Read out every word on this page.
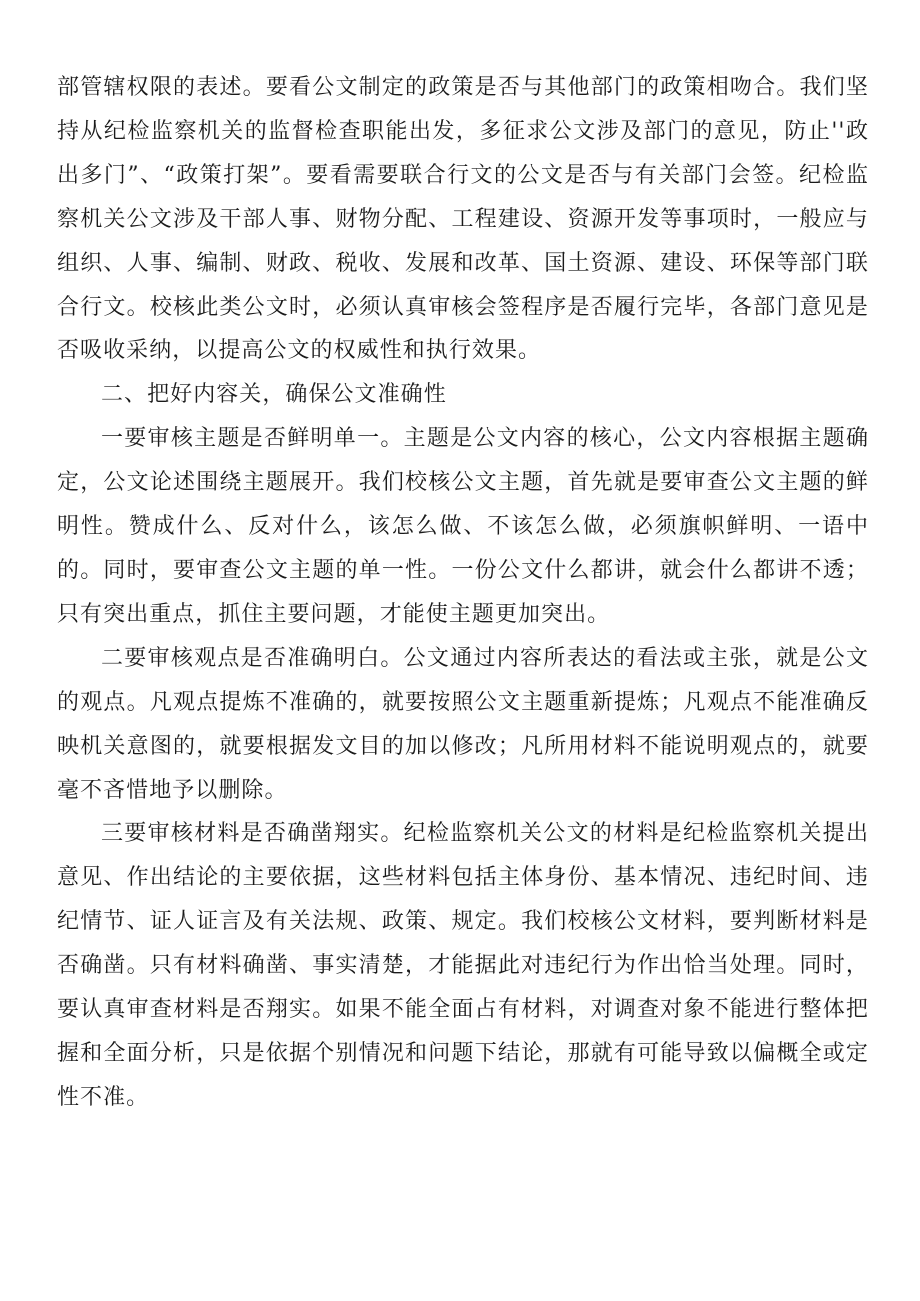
部管辖权限的表述。要看公文制定的政策是否与其他部门的政策相吻合。我们坚持从纪检监察机关的监督检查职能出发，多征求公文涉及部门的意见，防止''政出多门”、“政策打架”。要看需要联合行文的公文是否与有关部门会签。纪检监察机关公文涉及干部人事、财物分配、工程建设、资源开发等事项时，一般应与组织、人事、编制、财政、税收、发展和改革、国土资源、建设、环保等部门联合行文。校核此类公文时，必须认真审核会签程序是否履行完毕，各部门意见是否吸收采纳，以提高公文的权威性和执行效果。

二、把好内容关，确保公文准确性

一要审核主题是否鲜明单一。主题是公文内容的核心，公文内容根据主题确定，公文论述围绕主题展开。我们校核公文主题，首先就是要审查公文主题的鲜明性。赞成什么、反对什么，该怎么做、不该怎么做，必须旗帜鲜明、一语中的。同时，要审查公文主题的单一性。一份公文什么都讲，就会什么都讲不透；只有突出重点，抓住主要问题，才能使主题更加突出。

二要审核观点是否准确明白。公文通过内容所表达的看法或主张，就是公文的观点。凡观点提炼不准确的，就要按照公文主题重新提炼；凡观点不能准确反映机关意图的，就要根据发文目的加以修改；凡所用材料不能说明观点的，就要毫不吝惜地予以删除。

三要审核材料是否确凿翔实。纪检监察机关公文的材料是纪检监察机关提出意见、作出结论的主要依据，这些材料包括主体身份、基本情况、违纪时间、违纪情节、证人证言及有关法规、政策、规定。我们校核公文材料，要判断材料是否确凿。只有材料确凿、事实清楚，才能据此对违纪行为作出恰当处理。同时，要认真审查材料是否翔实。如果不能全面占有材料，对调查对象不能进行整体把握和全面分析，只是依据个别情况和问题下结论，那就有可能导致以偏概全或定性不准。
